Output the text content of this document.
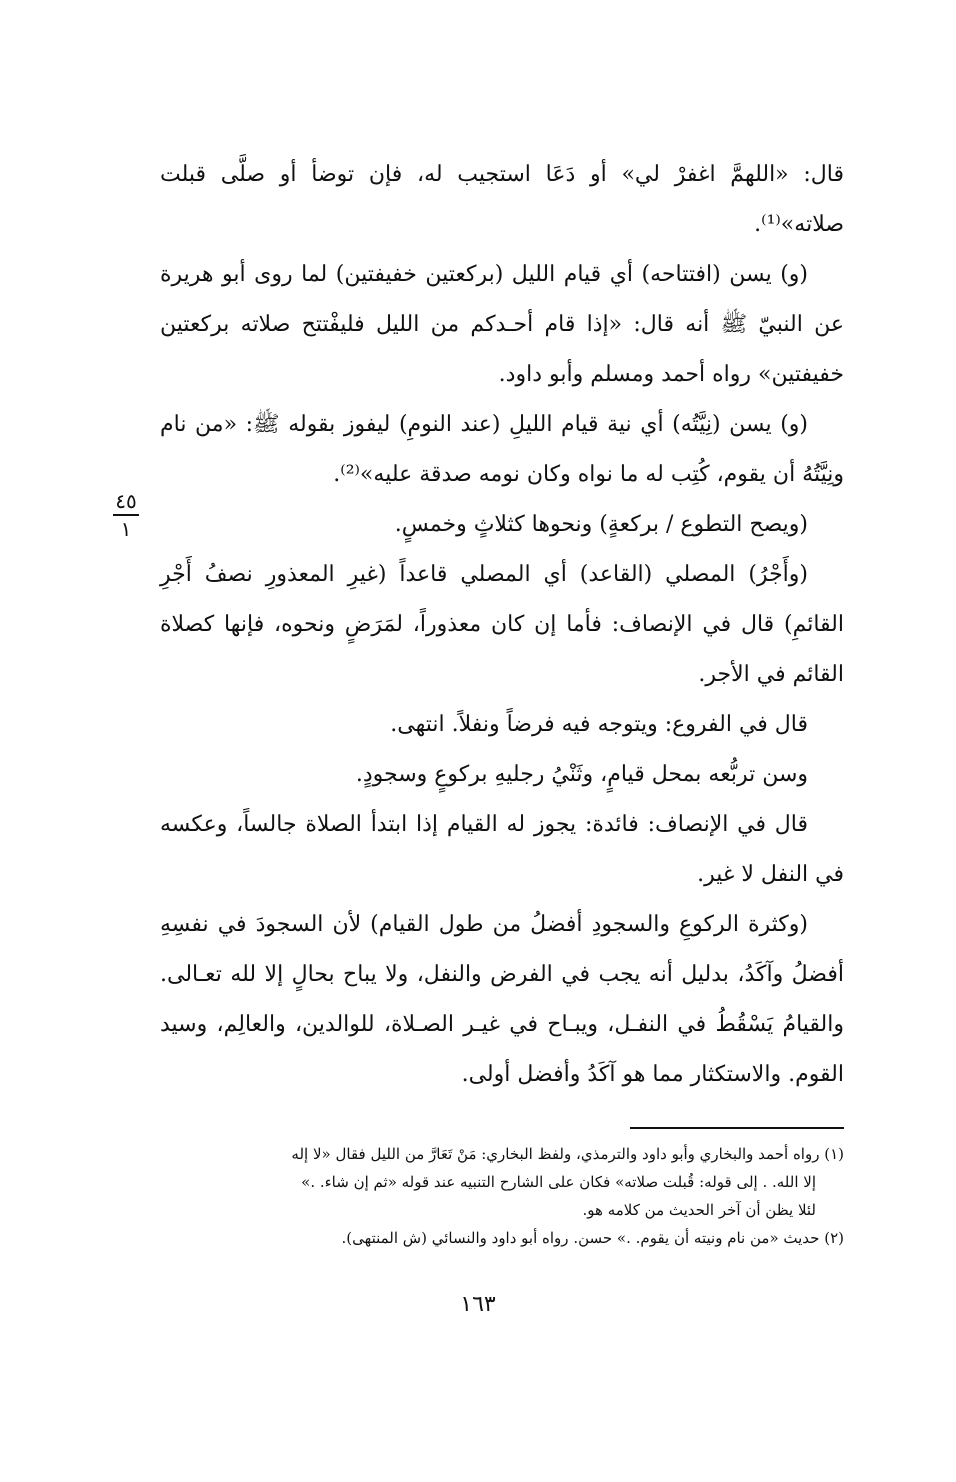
قال: «اللهمَّ اغفرْ لي» أو دَعَا استجيب له، فإن توضأ أو صلَّى قبلت صلاته»⁽¹⁾.

(و) يسن (افتتاحه) أي قيام الليل (بركعتين خفيفتين) لما روى أبو هريرة عن النبيّ ﷺ أنه قال: «إذا قام أحـدكم من الليل فليفْتتح صلاته بركعتين خفيفتين» رواه أحمد ومسلم وأبو داود.

(و) يسن (نِيَّتُه) أي نية قيام الليلِ (عند النومِ) ليفوز بقوله ﷺ: «من نام ونِيَّتُهُ أن يقوم، كُتِب له ما نواه وكان نومه صدقة عليه»⁽²⁾.

(ويصح التطوع / بركعةٍ) ونحوها كثلاثٍ وخمسٍ.

(وأَجْرُ) المصلي (القاعد) أي المصلي قاعداً (غيرِ المعذورِ نصفُ أَجْرِ القائمِ) قال في الإنصاف: فأما إن كان معذوراً، لمَرَضٍ ونحوه، فإنها كصلاة القائم في الأجر.

قال في الفروع: ويتوجه فيه فرضاً ونفلاً. انتهى.

وسن تربُّعه بمحل قيامٍ، وثَنْيُ رجليهِ بركوعٍ وسجودٍ.

قال في الإنصاف: فائدة: يجوز له القيام إذا ابتدأ الصلاة جالساً، وعكسه في النفل لا غير.

(وكثرة الركوعِ والسجودِ أفضلُ من طول القيام) لأن السجودَ في نفسِهِ أفضلُ وآكَدُ، بدليل أنه يجب في الفرض والنفل، ولا يباح بحالٍ إلا لله تعـالى. والقيامُ يَسْقُطُ في النفـل، ويبـاح في غيـر الصـلاة، للوالدين، والعالِم، وسيد القوم. والاستكثار مما هو آكَدُ وأفضل أولى.

٤٥
١

(١) رواه أحمد والبخاري وأبو داود والترمذي، ولفظ البخاري: مَنْ تَعَارَّ من الليل فقال «لا إله

إلا الله. . إلى قوله: قُبلت صلاته» فكان على الشارح التنبيه عند قوله «ثم إن شاء. .»

لئلا يظن أن آخر الحديث من كلامه هو.

(٢) حديث «من نام ونيته أن يقوم. .» حسن. رواه أبو داود والنسائي (ش المنتهى).

١٦٣
